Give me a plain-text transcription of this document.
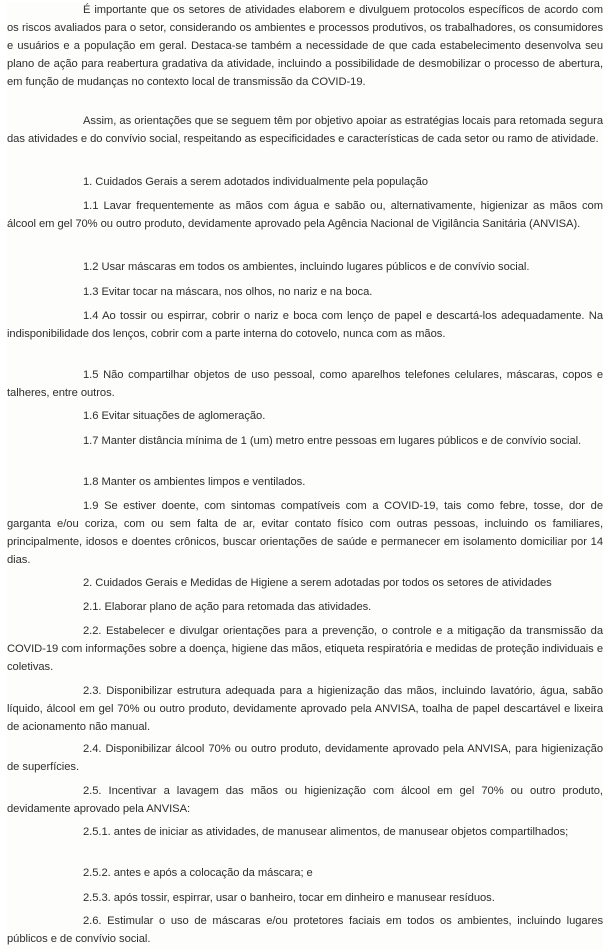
É importante que os setores de atividades elaborem e divulguem protocolos específicos de acordo com os riscos avaliados para o setor, considerando os ambientes e processos produtivos, os trabalhadores, os consumidores e usuários e a população em geral. Destaca-se também a necessidade de que cada estabelecimento desenvolva seu plano de ação para reabertura gradativa da atividade, incluindo a possibilidade de desmobilizar o processo de abertura, em função de mudanças no contexto local de transmissão da COVID-19.

Assim, as orientações que se seguem têm por objetivo apoiar as estratégias locais para retomada segura das atividades e do convívio social, respeitando as especificidades e características de cada setor ou ramo de atividade.

1. Cuidados Gerais a serem adotados individualmente pela população

1.1 Lavar frequentemente as mãos com água e sabão ou, alternativamente, higienizar as mãos com álcool em gel 70% ou outro produto, devidamente aprovado pela Agência Nacional de Vigilância Sanitária (ANVISA).

1.2 Usar máscaras em todos os ambientes, incluindo lugares públicos e de convívio social.

1.3 Evitar tocar na máscara, nos olhos, no nariz e na boca.

1.4 Ao tossir ou espirrar, cobrir o nariz e boca com lenço de papel e descartá-los adequadamente. Na indisponibilidade dos lenços, cobrir com a parte interna do cotovelo, nunca com as mãos.

1.5 Não compartilhar objetos de uso pessoal, como aparelhos telefones celulares, máscaras, copos e talheres, entre outros.

1.6 Evitar situações de aglomeração.

1.7 Manter distância mínima de 1 (um) metro entre pessoas em lugares públicos e de convívio social.

1.8 Manter os ambientes limpos e ventilados.

1.9 Se estiver doente, com sintomas compatíveis com a COVID-19, tais como febre, tosse, dor de garganta e/ou coriza, com ou sem falta de ar, evitar contato físico com outras pessoas, incluindo os familiares, principalmente, idosos e doentes crônicos, buscar orientações de saúde e permanecer em isolamento domiciliar por 14 dias.

2. Cuidados Gerais e Medidas de Higiene a serem adotadas por todos os setores de atividades

2.1. Elaborar plano de ação para retomada das atividades.

2.2. Estabelecer e divulgar orientações para a prevenção, o controle e a mitigação da transmissão da COVID-19 com informações sobre a doença, higiene das mãos, etiqueta respiratória e medidas de proteção individuais e coletivas.

2.3. Disponibilizar estrutura adequada para a higienização das mãos, incluindo lavatório, água, sabão líquido, álcool em gel 70% ou outro produto, devidamente aprovado pela ANVISA, toalha de papel descartável e lixeira de acionamento não manual.

2.4. Disponibilizar álcool 70% ou outro produto, devidamente aprovado pela ANVISA, para higienização de superfícies.

2.5. Incentivar a lavagem das mãos ou higienização com álcool em gel 70% ou outro produto, devidamente aprovado pela ANVISA:

2.5.1. antes de iniciar as atividades, de manusear alimentos, de manusear objetos compartilhados;

2.5.2. antes e após a colocação da máscara; e

2.5.3. após tossir, espirrar, usar o banheiro, tocar em dinheiro e manusear resíduos.

2.6. Estimular o uso de máscaras e/ou protetores faciais em todos os ambientes, incluindo lugares públicos e de convívio social.
